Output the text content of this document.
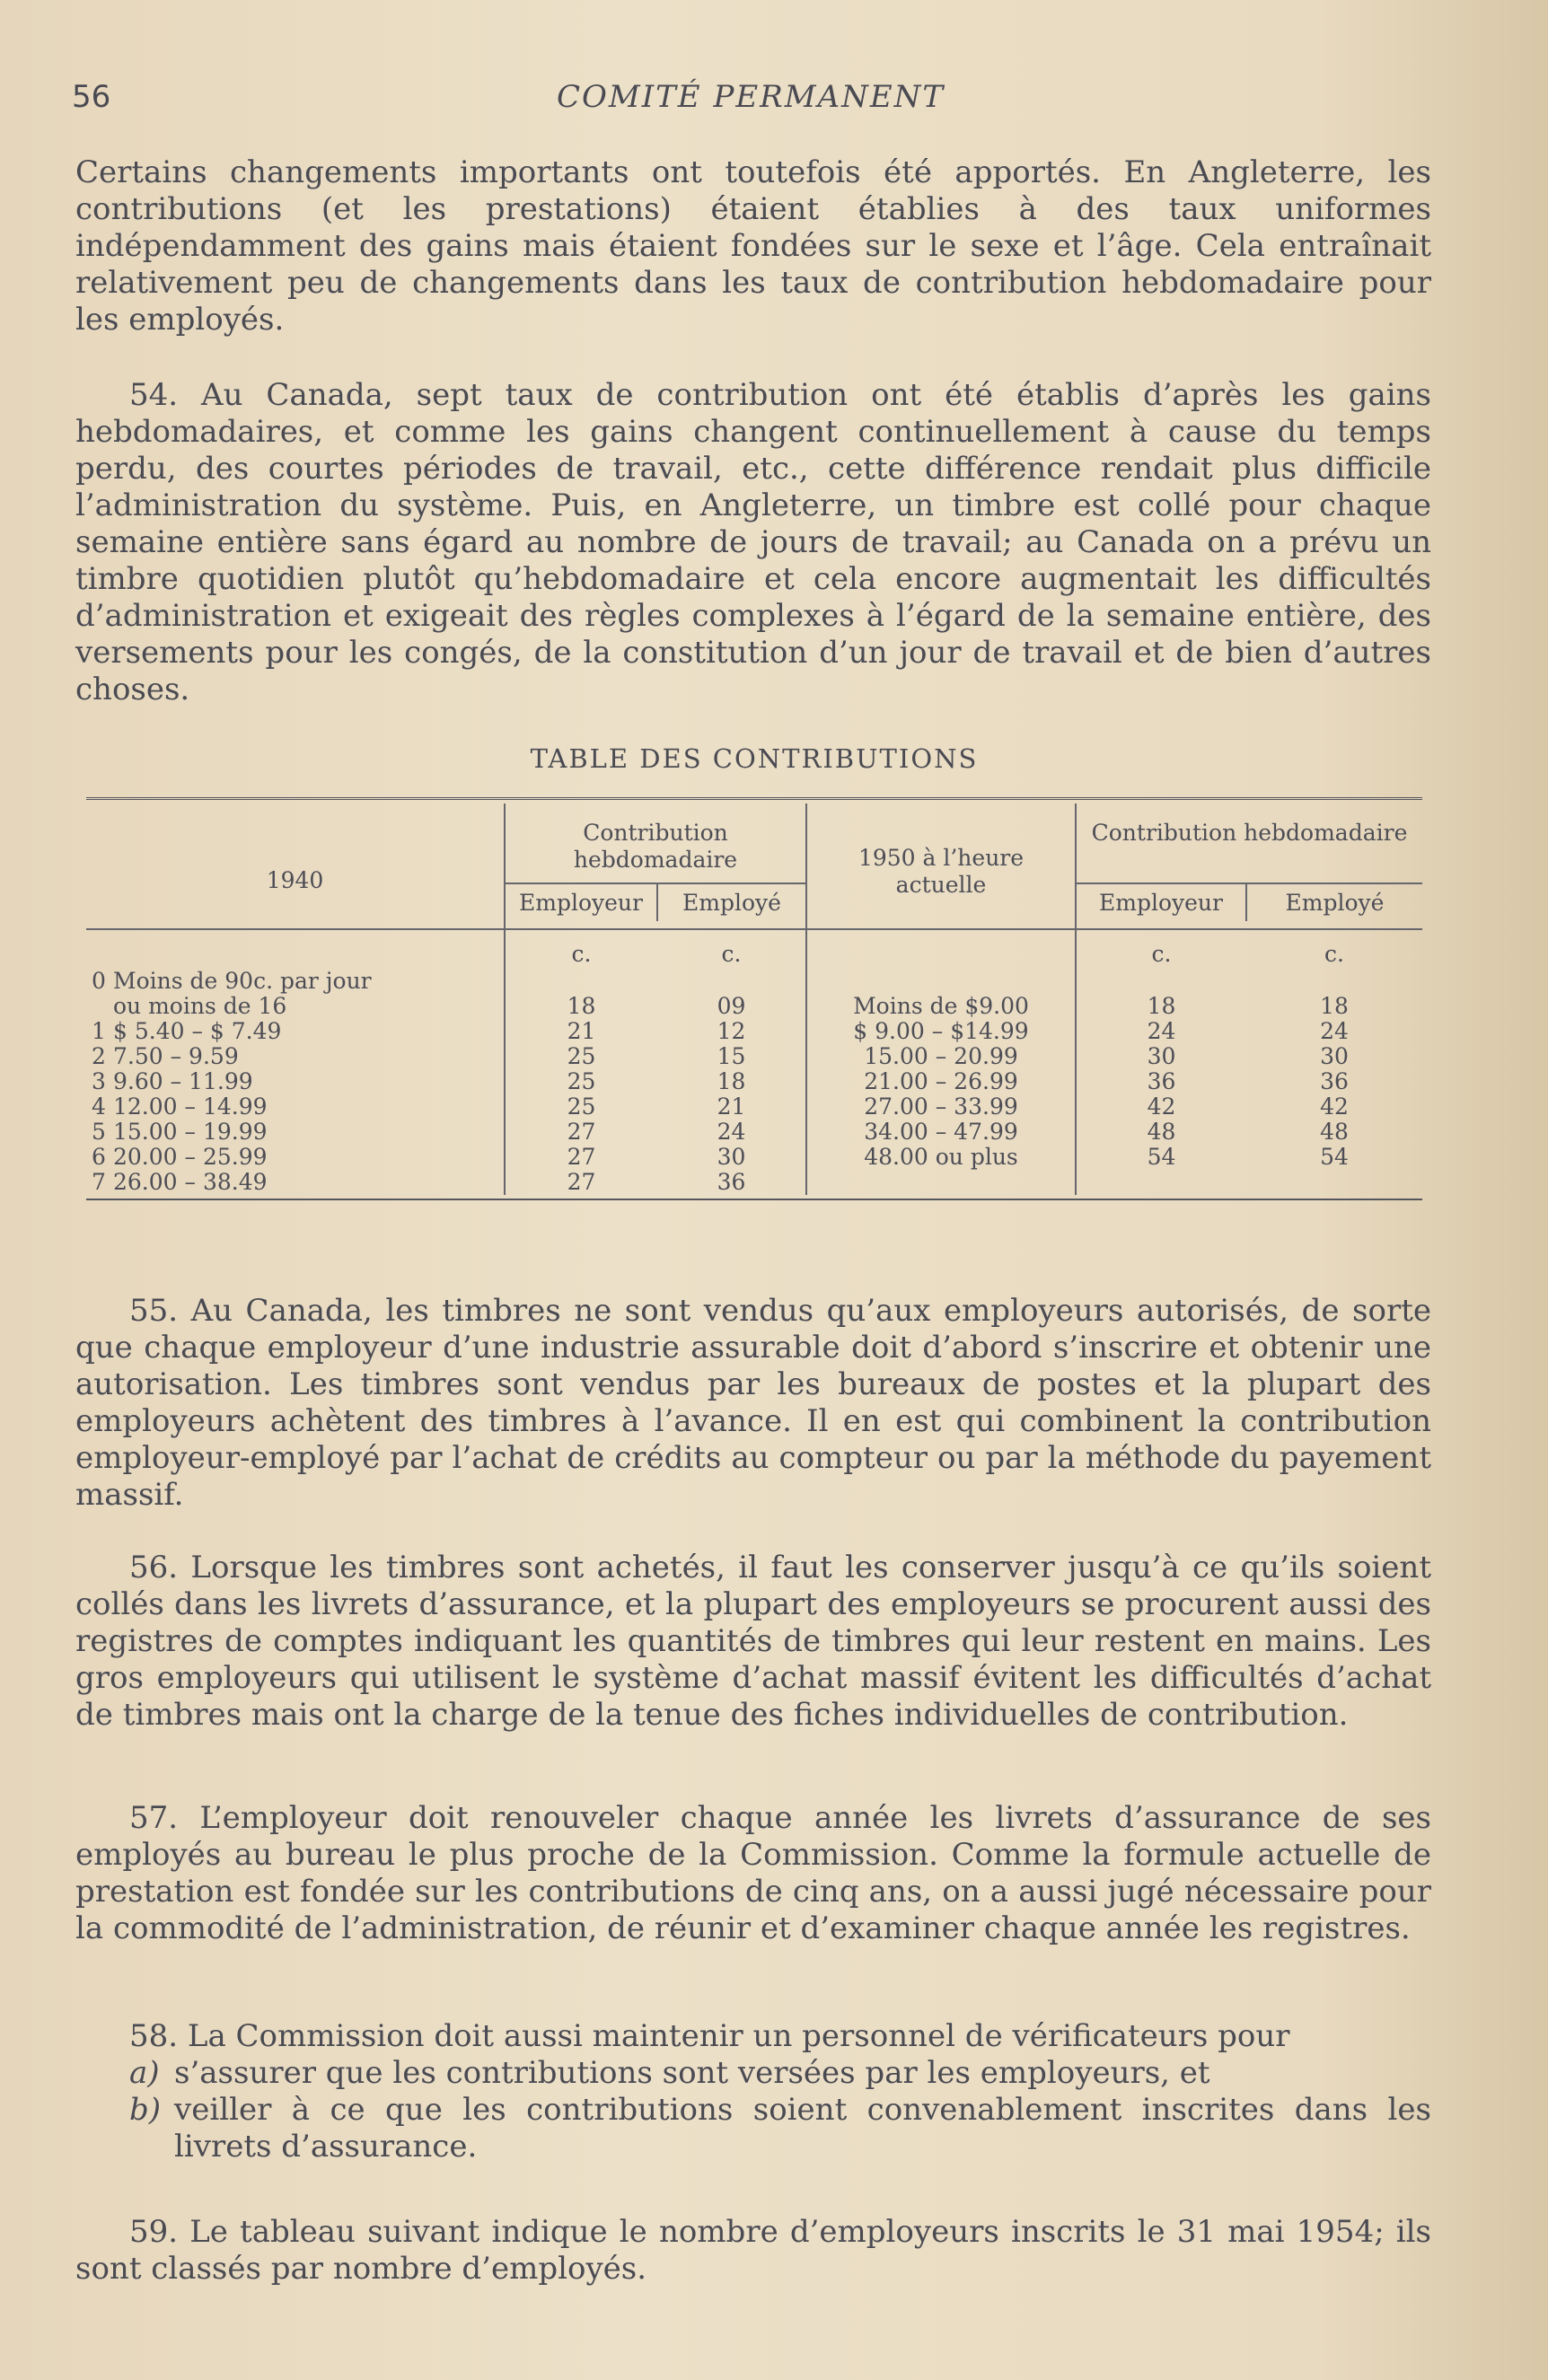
56	COMITÉ PERMANENT

Certains changements importants ont toutefois été apportés. En Angleterre, les contributions (et les prestations) étaient établies à des taux uniformes indépendamment des gains mais étaient fondées sur le sexe et l’âge. Cela entraînait relativement peu de changements dans les taux de contribution hebdomadaire pour les employés.

54. Au Canada, sept taux de contribution ont été établis d’après les gains hebdomadaires, et comme les gains changent continuellement à cause du temps perdu, des courtes périodes de travail, etc., cette différence rendait plus difficile l’administration du système. Puis, en Angleterre, un timbre est collé pour chaque semaine entière sans égard au nombre de jours de travail; au Canada on a prévu un timbre quotidien plutôt qu’hebdomadaire et cela encore augmentait les difficultés d’administration et exigeait des règles complexes à l’égard de la semaine entière, des versements pour les congés, de la constitution d’un jour de travail et de bien d’autres choses.

TABLE DES CONTRIBUTIONS
1940	Contribution hebdomadaire		1950 à l’heure actuelle	Contribution hebdomadaire	
	Employeur	Employé		Employeur	Employé

	c.	c.		c.	c.
0 Moins de 90c. par jour					
ou moins de 16	18	09	Moins de $9.00	18	18
1 $ 5.40 – $ 7.49	21	12	$ 9.00 – $14.99	24	24
2 7.50 – 9.59	25	15	15.00 – 20.99	30	30
3 9.60 – 11.99	25	18	21.00 – 26.99	36	36
4 12.00 – 14.99	25	21	27.00 – 33.99	42	42
5 15.00 – 19.99	27	24	34.00 – 47.99	48	48
6 20.00 – 25.99	27	30	48.00 ou plus	54	54
7 26.00 – 38.49	27	36			

55. Au Canada, les timbres ne sont vendus qu’aux employeurs autorisés, de sorte que chaque employeur d’une industrie assurable doit d’abord s’inscrire et obtenir une autorisation. Les timbres sont vendus par les bureaux de postes et la plupart des employeurs achètent des timbres à l’avance. Il en est qui combinent la contribution employeur-employé par l’achat de crédits au compteur ou par la méthode du payement massif.

56. Lorsque les timbres sont achetés, il faut les conserver jusqu’à ce qu’ils soient collés dans les livrets d’assurance, et la plupart des employeurs se procurent aussi des registres de comptes indiquant les quantités de timbres qui leur restent en mains. Les gros employeurs qui utilisent le système d’achat massif évitent les difficultés d’achat de timbres mais ont la charge de la tenue des fiches individuelles de contribution.

57. L’employeur doit renouveler chaque année les livrets d’assurance de ses employés au bureau le plus proche de la Commission. Comme la formule actuelle de prestation est fondée sur les contributions de cinq ans, on a aussi jugé nécessaire pour la commodité de l’administration, de réunir et d’examiner chaque année les registres.

58. La Commission doit aussi maintenir un personnel de vérificateurs pour

a) s’assurer que les contributions sont versées par les employeurs, et

b) veiller à ce que les contributions soient convenablement inscrites dans les livrets d’assurance.

59. Le tableau suivant indique le nombre d’employeurs inscrits le 31 mai 1954; ils sont classés par nombre d’employés.
